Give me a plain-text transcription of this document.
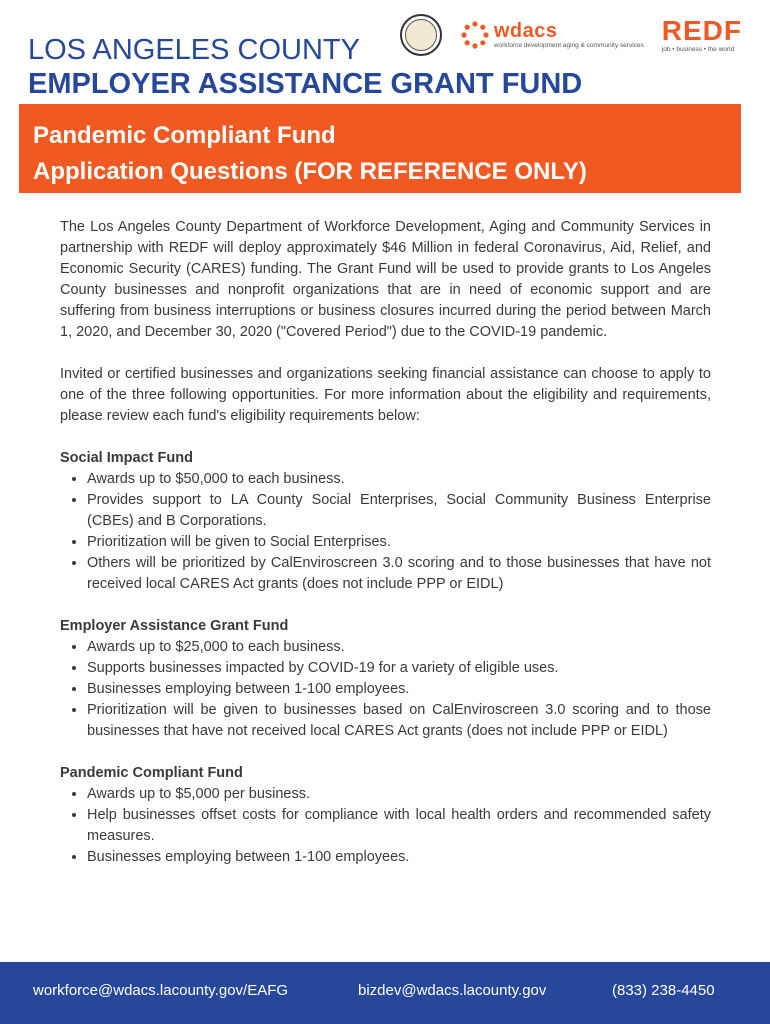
wdacs
workforce development aging & community services REDF
job • business • the world
LOS ANGELES COUNTY
EMPLOYER ASSISTANCE GRANT FUND
Pandemic Compliant Fund
Application Questions (FOR REFERENCE ONLY)

The Los Angeles County Department of Workforce Development, Aging and Community Services in partnership with REDF will deploy approximately $46 Million in federal Coronavirus, Aid, Relief, and Economic Security (CARES) funding. The Grant Fund will be used to provide grants to Los Angeles County businesses and nonprofit organizations that are in need of economic support and are suffering from business interruptions or business closures incurred during the period between March 1, 2020, and December 30, 2020 ("Covered Period") due to the COVID-19 pandemic.

Invited or certified businesses and organizations seeking financial assistance can choose to apply to one of the three following opportunities. For more information about the eligibility and requirements, please review each fund's eligibility requirements below:

Social Impact Fund

• Awards up to $50,000 to each business.
• Provides support to LA County Social Enterprises, Social Community Business Enterprise (CBEs) and B Corporations.
• Prioritization will be given to Social Enterprises.
• Others will be prioritized by CalEnviroscreen 3.0 scoring and to those businesses that have not received local CARES Act grants (does not include PPP or EIDL)

Employer Assistance Grant Fund

• Awards up to $25,000 to each business.
• Supports businesses impacted by COVID-19 for a variety of eligible uses.
• Businesses employing between 1-100 employees.
• Prioritization will be given to businesses based on CalEnviroscreen 3.0 scoring and to those businesses that have not received local CARES Act grants (does not include PPP or EIDL)

Pandemic Compliant Fund

• Awards up to $5,000 per business.
• Help businesses offset costs for compliance with local health orders and recommended safety measures.
• Businesses employing between 1-100 employees.
workforce@wdacs.lacounty.gov/EAFG	bizdev@wdacs.lacounty.gov	(833) 238-4450
